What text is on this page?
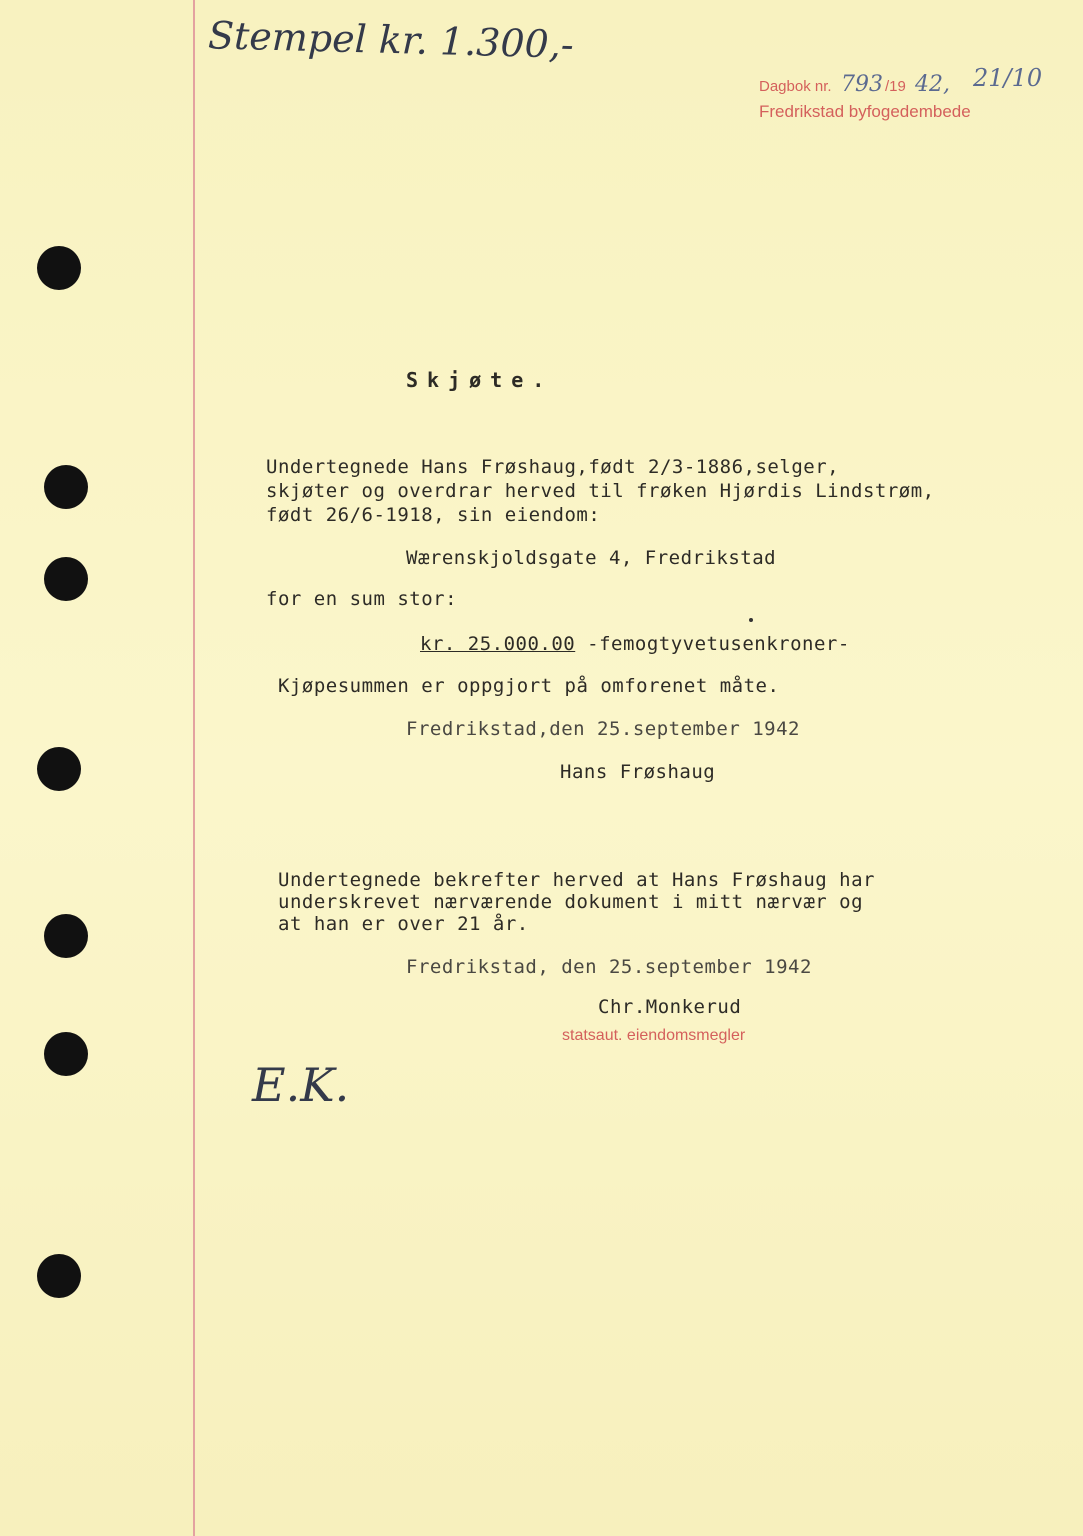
Stempel kr. 1.300,-
Dagbok nr. 793 /19 42, 21/10
Fredrikstad byfogedembede
Skjøte.
Undertegnede Hans Frøshaug,født 2/3-1886,selger,
skjøter og overdrar herved til frøken Hjørdis Lindstrøm,
født 26/6-1918, sin eiendom:
Wærenskjoldsgate 4, Fredrikstad
for en sum stor:
kr. 25.000.00 -femogtyvetusenkroner-
Kjøpesummen er oppgjort på omforenet måte.
Fredrikstad,den 25.september 1942
Hans Frøshaug
Undertegnede bekrefter herved at Hans Frøshaug har
underskrevet nærværende dokument i mitt nærvær og
at han er over 21 år.
Fredrikstad, den 25.september 1942
Chr.Monkerud
statsaut. eiendomsmegler
E.K.
